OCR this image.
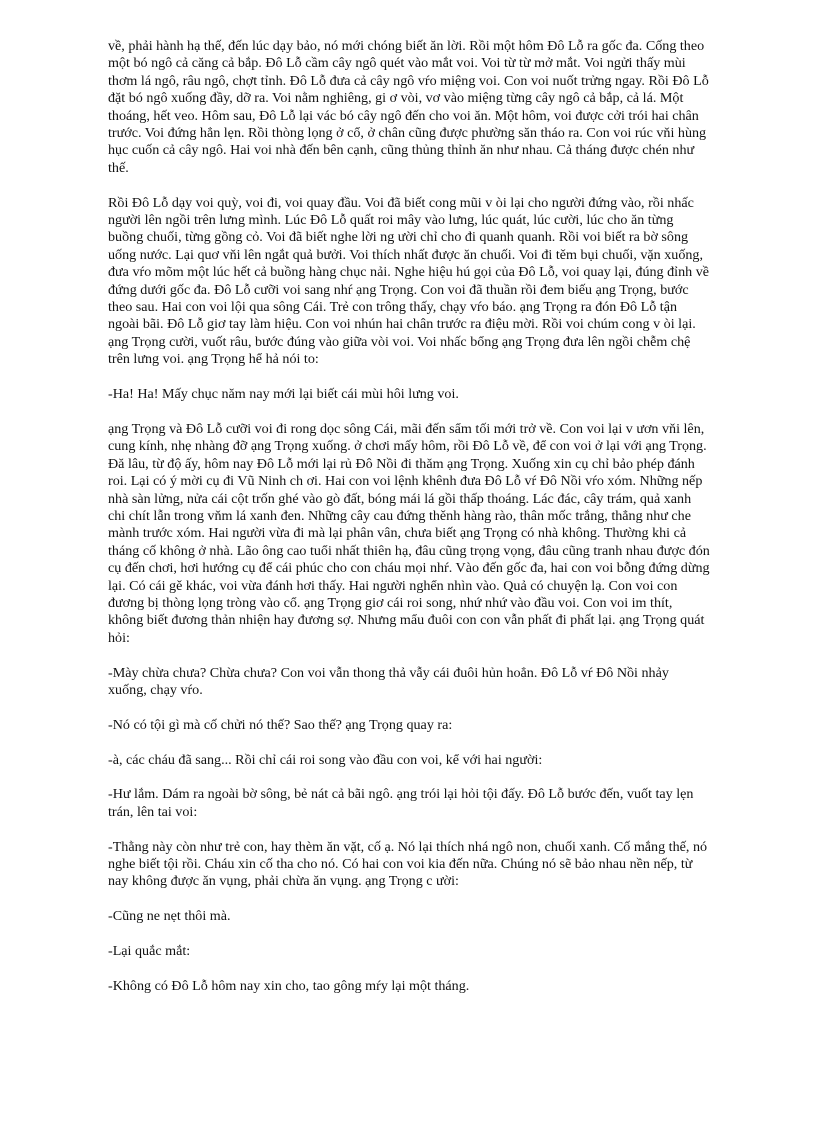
về, phải hành hạ thế, đến lúc dạy bảo, nó mới chóng biết ăn lời. Rồi một hôm Đô Lỗ ra gốc đa. Cống theo một bó ngô cả căng cả bắp. Đô Lỗ cầm cây ngô quét vào mắt voi. Voi từ từ mở mắt. Voi ngửi thấy mùi thơm lá ngô, râu ngô, chợt tỉnh. Đô Lỗ đưa cả cây ngô vŕo miệng voi. Con voi nuốt trửng ngay. Rồi Đô Lỗ đặt bó ngô xuống đầy, dỡ ra. Voi nằm nghiêng, gi ơ vòi, vơ vào miệng từng cây ngô cả bắp, cả lá. Một thoáng, hết veo. Hôm sau, Đô Lỗ lại vác bó cây ngô đến cho voi ăn. Một hôm, voi được cởi trói hai chân trước. Voi đứng hẳn lẹn. Rồi thòng lọng ở cổ, ở chân cũng được phường săn tháo ra. Con voi rúc vňi hùng hục cuốn cả cây ngô. Hai voi nhà đến bên cạnh, cũng thủng thỉnh ăn như nhau. Cả tháng được chén như thế.

Rồi Đô Lỗ dạy voi quỳ, voi đi, voi quay đầu. Voi đã biết cong mũi v òi lại cho người đứng vào, rồi nhấc người lên ngồi trên lưng mình. Lúc Đô Lỗ quất roi mây vào lưng, lúc quát, lúc cười, lúc cho ăn từng buồng chuối, từng gồng cỏ. Voi đã biết nghe lời ng ười chỉ cho đi quanh quanh. Rồi voi biết ra bờ sông uống nước. Lại quơ vňi lên ngắt quả bưởi. Voi thích nhất được ăn chuối. Voi đi těm bụi chuối, vặn xuống, đưa vŕo mõm một lúc hết cả buồng hàng chục nải. Nghe hiệu hú gọi của Đô Lỗ, voi quay lại, đúng đỉnh về đứng dưới gốc đa. Đô Lỗ cưỡi voi sang nhŕ ạng Trọng. Con voi đã thuần rồi đem biếu ạng Trọng, bước theo sau. Hai con voi lội qua sông Cái. Trẻ con trông thấy, chạy vŕo báo. ạng Trọng ra đón Đô Lỗ tận ngoài bãi. Đô Lỗ giơ tay làm hiệu. Con voi nhún hai chân trước ra điệu mời. Rồi voi chúm cong v òi lại. ạng Trọng cười, vuốt râu, bước đúng vào giữa vòi voi. Voi nhấc bổng ạng Trọng đưa lên ngồi chễm chệ trên lưng voi. ạng Trọng hể hả nói to:

-Ha! Ha! Mấy chục năm nay mới lại biết cái mùi hôi lưng voi.

ạng Trọng và Đô Lỗ cưỡi voi đi rong dọc sông Cái, mãi đến sẩm tối mới trở về. Con voi lại v ươn vňi lên, cung kính, nhẹ nhàng đỡ ạng Trọng xuống. ở chơi mấy hôm, rồi Đô Lỗ về, để con voi ở lại với ạng Trọng. Đă lâu, từ độ ấy, hôm nay Đô Lỗ mới lại rủ Đô Nồi đi thăm ạng Trọng. Xuống xin cụ chỉ bảo phép đánh roi. Lại có ý mời cụ đi Vũ Ninh ch ơi. Hai con voi lệnh khênh đưa Đô Lỗ vŕ Đô Nồi vŕo xóm. Những nếp nhà sàn lửng, nửa cái cột trốn ghé vào gò đất, bóng mái lá gồi thấp thoáng. Lác đác, cây trám, quả xanh chi chít lẫn trong vňm lá xanh đen. Những cây cau đứng thěnh hàng rào, thân mốc trắng, thẳng như che mành trước xóm. Hai người vừa đi mà lại phân vân, chưa biết ạng Trọng có nhà không. Thường khi cả tháng cố không ở nhà. Lão ông cao tuổi nhất thiên hạ, đâu cũng trọng vọng, đâu cũng tranh nhau được đón cụ đến chơi, hơi hướng cụ để cái phúc cho con cháu mọi nhŕ. Vào đến gốc đa, hai con voi bỗng đứng dừng lại. Có cái gě khác, voi vừa đánh hơi thấy. Hai người nghển nhìn vào. Quả có chuyện lạ. Con voi con đương bị thòng lọng tròng vào cổ. ạng Trọng giơ cái roi song, nhứ nhứ vào đầu voi. Con voi im thít, không biết đương thản nhiện hay đương sợ. Nhưng mẩu đuôi con con vẫn phất đi phất lại. ạng Trọng quát hỏi:

-Mày chừa chưa? Chừa chưa? Con voi vẫn thong thả vẫy cái đuôi hủn hoẳn. Đô Lỗ vŕ Đô Nồi nhảy xuống, chạy vŕo.

-Nó có tội gì mà cố chửi nó thế? Sao thế? ạng Trọng quay ra:

-à, các cháu đã sang... Rồi chỉ cái roi song vào đầu con voi, kể với hai người:

-Hư lắm. Dám ra ngoài bờ sông, bẻ nát cả bãi ngô. ạng trói lại hỏi tội đấy. Đô Lỗ bước đến, vuốt tay lẹn trán, lên tai voi:

-Thằng này còn như trẻ con, hay thèm ăn vặt, cố ạ. Nó lại thích nhá ngô non, chuối xanh. Cố mắng thế, nó nghe biết tội rồi. Cháu xin cố tha cho nó. Có hai con voi kia đến nữa. Chúng nó sẽ bảo nhau nền nếp, từ nay không được ăn vụng, phải chừa ăn vụng. ạng Trọng c ười:

-Cũng ne nẹt thôi mà.

-Lại quắc mắt:

-Không có Đô Lỗ hôm nay xin cho, tao gông mŕy lại một tháng.
